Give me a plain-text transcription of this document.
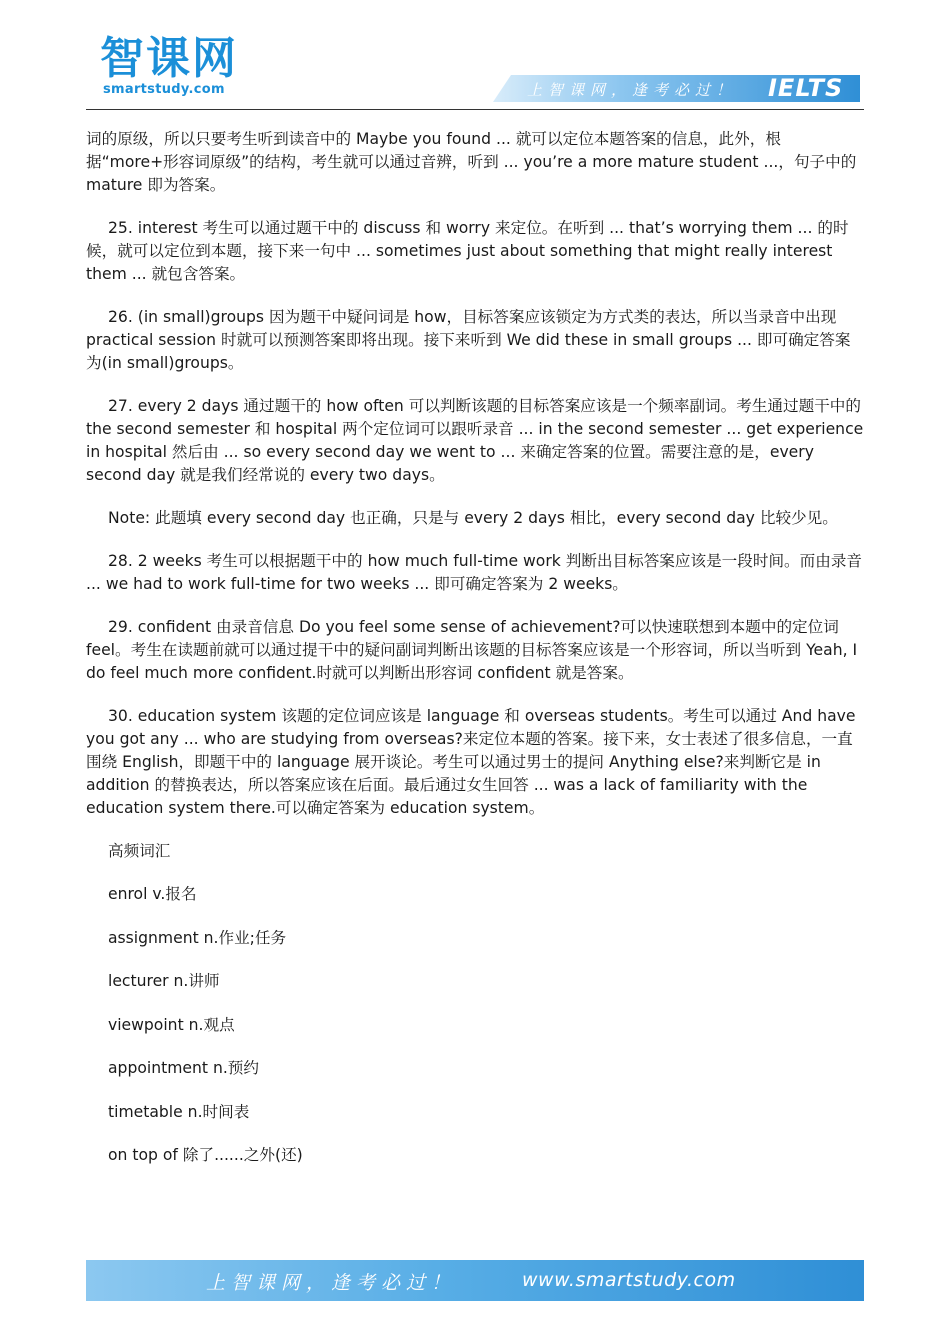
智课网
smartstudy.com	上智课网，逢考必过！ IELTS

词的原级，所以只要考生听到读音中的 Maybe you found ... 就可以定位本题答案的信息，此外，根据“more+形容词原级”的结构，考生就可以通过音辨，听到 ... you’re a more mature student ...，句子中的 mature 即为答案。

25. interest 考生可以通过题干中的 discuss 和 worry 来定位。在听到 ... that’s worrying them ... 的时候，就可以定位到本题，接下来一句中 ... sometimes just about something that might really interest them ... 就包含答案。

26. (in small)groups 因为题干中疑问词是 how，目标答案应该锁定为方式类的表达，所以当录音中出现 practical session 时就可以预测答案即将出现。接下来听到 We did these in small groups ... 即可确定答案为(in small)groups。

27. every 2 days 通过题干的 how often 可以判断该题的目标答案应该是一个频率副词。考生通过题干中的 the second semester 和 hospital 两个定位词可以跟听录音 ... in the second semester ... get experience in hospital 然后由 ... so every second day we went to ... 来确定答案的位置。需要注意的是，every second day 就是我们经常说的 every two days。

Note: 此题填 every second day 也正确，只是与 every 2 days 相比，every second day 比较少见。

28. 2 weeks 考生可以根据题干中的 how much full-time work 判断出目标答案应该是一段时间。而由录音 ... we had to work full-time for two weeks ... 即可确定答案为 2 weeks。

29. confident 由录音信息 Do you feel some sense of achievement?可以快速联想到本题中的定位词 feel。考生在读题前就可以通过提干中的疑问副词判断出该题的目标答案应该是一个形容词，所以当听到 Yeah, I do feel much more confident.时就可以判断出形容词 confident 就是答案。

30. education system 该题的定位词应该是 language 和 overseas students。考生可以通过 And have you got any ... who are studying from overseas?来定位本题的答案。接下来，女士表述了很多信息，一直围绕 English，即题干中的 language 展开谈论。考生可以通过男士的提问 Anything else?来判断它是 in addition 的替换表达，所以答案应该在后面。最后通过女生回答 ... was a lack of familiarity with the education system there.可以确定答案为 education system。

高频词汇
enrol v.报名
assignment n.作业;任务
lecturer n.讲师
viewpoint n.观点
appointment n.预约
timetable n.时间表
on top of 除了......之外(还)
上智课网，逢考必过！	www.smartstudy.com
